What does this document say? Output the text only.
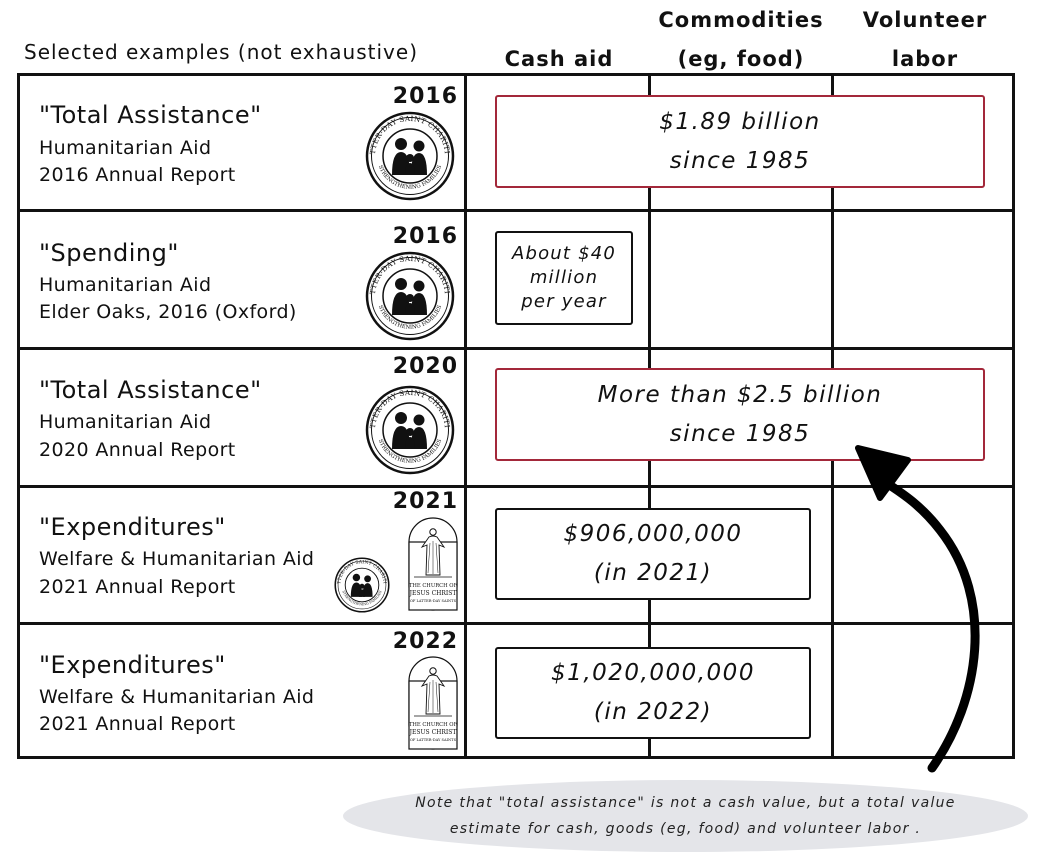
Selected examples (not exhaustive)	Cash aid
Commodities
(eg, food)
Volunteer
labor
2016
"Total Assistance"
Humanitarian Aid
2016 Annual Report
2016
"Spending"
Humanitarian Aid
Elder Oaks, 2016 (Oxford)
2020
"Total Assistance"
Humanitarian Aid
2020 Annual Report
2021
"Expenditures"
Welfare & Humanitarian Aid
2021 Annual Report
2022
"Expenditures"
Welfare & Humanitarian Aid
2021 Annual Report
$1.89 billion
since 1985
About $40
million
per year
More than $2.5 billion
since 1985
$906,000,000
(in 2021)
$1,020,000,000
(in 2022)
Note that "total assistance" is not a cash value, but a total value
estimate for cash, goods (eg, food) and volunteer labor .
